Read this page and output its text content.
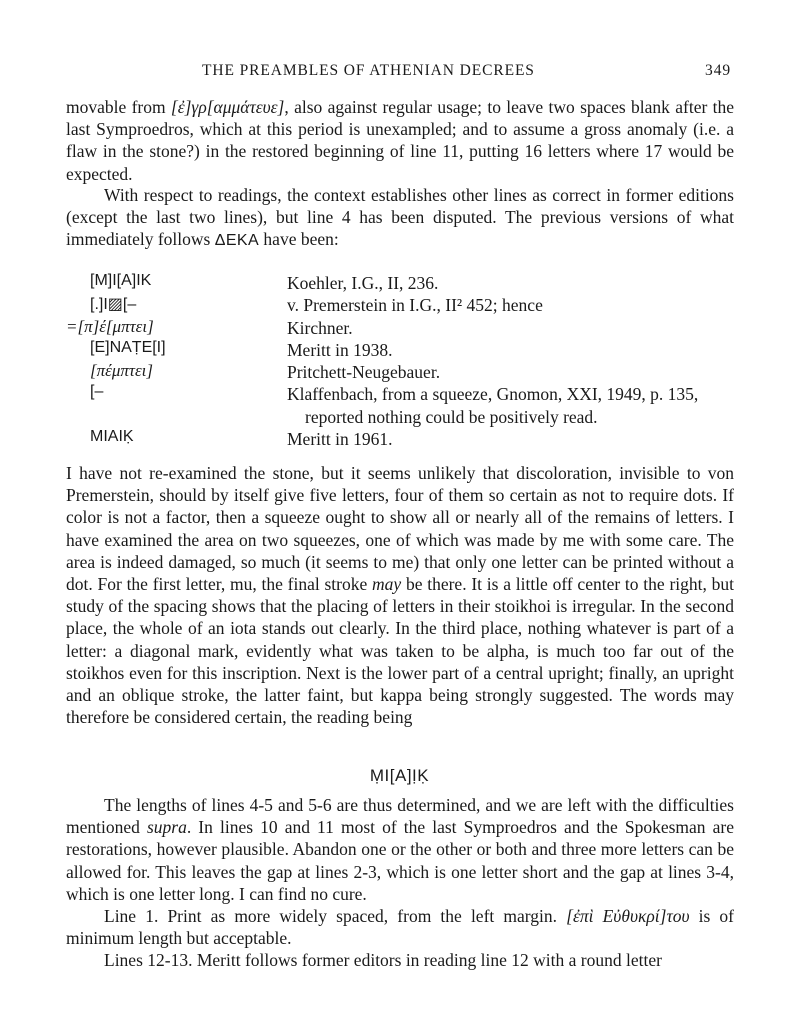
THE PREAMBLES OF ATHENIAN DECREES	349
movable from [ἐ]γρ[αμμάτευε], also against regular usage; to leave two spaces blank after the last Symproedros, which at this period is unexampled; and to assume a gross anomaly (i.e. a flaw in the stone?) in the restored beginning of line 11, putting 16 letters where 17 would be expected.
With respect to readings, the context establishes other lines as correct in former editions (except the last two lines), but line 4 has been disputed. The previous versions of what immediately follows ΔΕΚΑ have been:
[M]I[A]IK	Koehler, I.G., II, 236.
[.]I▨[–	v. Premerstein in I.G., II² 452; hence
=[π]έ[μπτει]	Kirchner.
[E]NAṬE[I]	Meritt in 1938.
[πέμπτει]	Pritchett-Neugebauer.
[–	Klaffenbach, from a squeeze, Gnomon, XXI, 1949, p. 135,
reported nothing could be positively read.
MIAIḲ	Meritt in 1961.
I have not re-examined the stone, but it seems unlikely that discoloration, invisible to von Premerstein, should by itself give five letters, four of them so certain as not to require dots. If color is not a factor, then a squeeze ought to show all or nearly all of the remains of letters. I have examined the area on two squeezes, one of which was made by me with some care. The area is indeed damaged, so much (it seems to me) that only one letter can be printed without a dot. For the first letter, mu, the final stroke may be there. It is a little off center to the right, but study of the spacing shows that the placing of letters in their stoikhoi is irregular. In the second place, the whole of an iota stands out clearly. In the third place, nothing whatever is part of a letter: a diagonal mark, evidently what was taken to be alpha, is much too far out of the stoikhos even for this inscription. Next is the lower part of a central upright; finally, an upright and an oblique stroke, the latter faint, but kappa being strongly suggested. The words may therefore be considered certain, the reading being
ṂI[A]ỊḲ
The lengths of lines 4-5 and 5-6 are thus determined, and we are left with the difficulties mentioned supra. In lines 10 and 11 most of the last Symproedros and the Spokesman are restorations, however plausible. Abandon one or the other or both and three more letters can be allowed for. This leaves the gap at lines 2-3, which is one letter short and the gap at lines 3-4, which is one letter long. I can find no cure.
Line 1. Print as more widely spaced, from the left margin. [ἐπὶ Εὐθυκρί]του is of minimum length but acceptable.
Lines 12-13. Meritt follows former editors in reading line 12 with a round letter
